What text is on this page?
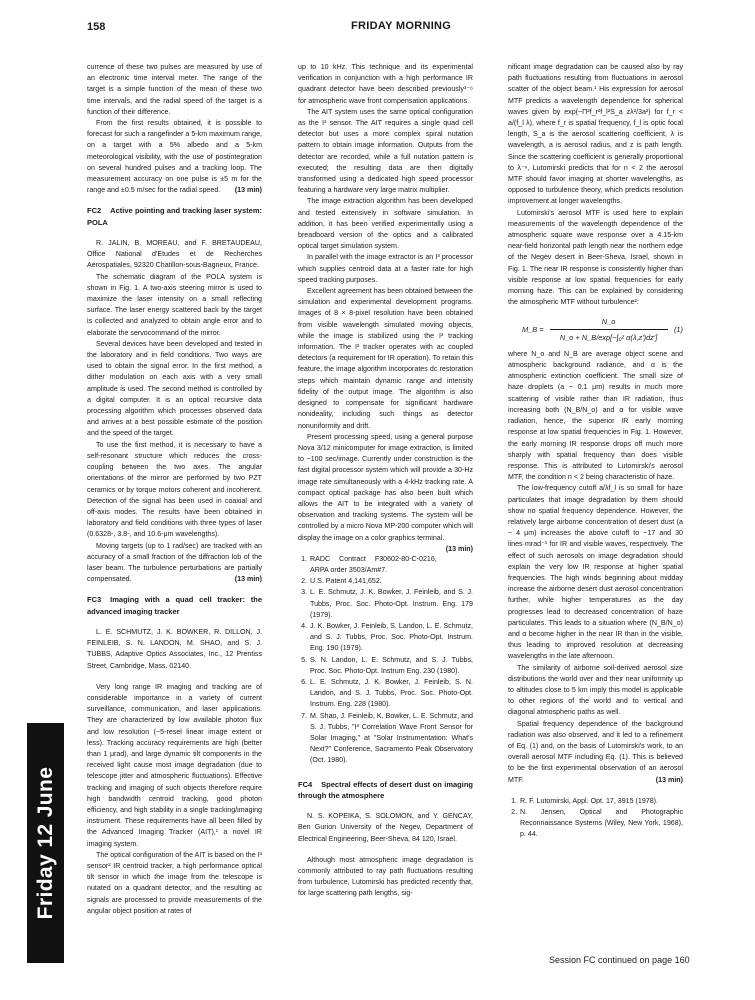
158	FRIDAY MORNING

currence of these two pulses are measured by use of an electronic time interval meter. The range of the target is a simple function of the mean of these two time intervals, and the radial speed of the target is a function of their difference.

From the first results obtained, it is possible to forecast for such a rangefinder a 5-km maximum range, on a target with a 5% albedo and a 5-km meteorological visibility, with the use of postintegration on several hundred pulses and a tracking loop. The measurement accuracy on one pulse is ±5 m for the range and ±0.5 m/sec for the radial speed.	(13 min)

FC2 Active pointing and tracking laser system: POLA

R. JALIN, B. MOREAU, and F. BRETAUDEAU, Office National d'Etudes et de Recherches Aerospatiales, 92320 Chatillon-sous-Bagneux, France.

The schematic diagram of the POLA system is shown in Fig. 1. A two-axis steering mirror is used to maximize the laser intensity on a small reflecting surface. The laser energy scattered back by the target is collected and analyzed to obtain angle error and to elaborate the servocommand of the mirror.

Several devices have been developed and tested in the laboratory and in field conditions. Two ways are used to obtain the signal error. In the first method, a dither modulation on each axis with a very small amplitude is used. The second method is controlled by a digital computer. It is an optical recursive data processing algorithm which processes observed data and arrives at a best possible estimate of the position and the speed of the target.

To use the first method, it is necessary to have a self-resonant structure which reduces the cross-coupling between the two axes. The angular orientations of the mirror are performed by two PZT ceramics or by torque motors coherent and incoherent. Detection of the signal has been used in coaxial and off-axis modes. The results have been obtained in laboratory and field conditions with three types of laser (0.6328-, 3.8-, and 10.6-μm wavelengths).

Moving targets (up to 1 rad/sec) are tracked with an accuracy of a small fraction of the diffraction lob of the laser beam. The turbulence perturbations are partially compensated.	(13 min)

FC3 Imaging with a quad cell tracker: the advanced imaging tracker

L. E. SCHMUTZ, J. K. BOWKER, R. DILLON, J. FEINLEIB, S. N. LANDON, M. SHAO, and S. J. TUBBS, Adaptive Optics Associates, Inc., 12 Prentiss Street, Cambridge, Mass. 02140.

Very long range IR imaging and tracking are of considerable importance in a variety of current surveillance, communication, and laser applications. They are characterized by low available photon flux and low resolution (~5-resel linear image extent or less). Tracking accuracy requirements are high (better than 1 μrad), and large dynamic tilt components in the received light cause most image degradation (due to telescope jitter and atmospheric fluctuations). Effective tracking and imaging of such objects therefore require high bandwidth centroid tracking, good photon efficiency, and high stability in a single tracking/imaging instrument. These requirements have all been filled by the Advanced Imaging Tracker (AIT),¹ a novel IR imaging system.

The optical configuration of the AIT is based on the I³ sensor² IR centroid tracker, a high performance optical tilt sensor in which the image from the telescope is nutated on a quadrant detector, and the resulting ac signals are processed to provide measurements of the angular object position at rates of

up to 10 kHz. This technique and its experimental verification in conjunction with a high performance IR quadrant detector have been described previously³⁻⁶ for atmospheric wave front compensation applications.

The AIT system uses the same optical configuration as the I³ sensor. The AIT requires a single quad cell detector but uses a more complex spiral nutation pattern to obtain image information. Outputs from the detector are recorded, while a full nutation pattern is executed; the resulting data are then digitally transformed using a dedicated high speed processor featuring a hardware very large matrix multiplier.

The image extraction algorithm has been developed and tested extensively in software simulation. In addition, it has been verified experimentally using a breadboard version of the optics and a calibrated optical target simulation system.

In parallel with the image extractor is an I³ processor which supplies centroid data at a faster rate for high speed tracking purposes.

Excellent agreement has been obtained between the simulation and experimental development programs. Images of 8 × 8-pixel resolution have been obtained from visible wavelength simulated moving objects, while the image is stabilized using the I³ tracking information. The I³ tracker operates with ac coupled detectors (a requirement for IR operation). To retain this feature, the image algorithm incorporates dc restoration steps which maintain dynamic range and intensity fidelity of the output image. The algorithm is also designed to compensate for significant hardware nonideality, including such things as detector nonuniformity and drift.

Present processing speed, using a general purpose Nova 3/12 minicomputer for image extraction, is limited to ~100 sec/image. Currently under construction is the fast digital processor system which will provide a 30-Hz image rate simultaneously with a 4-kHz tracking rate. A compact optical package has also been built which allows the AIT to be integrated with a variety of observation and tracking systems. The system will be controlled by a micro Nova MP-200 computer which will display the image on a color graphics terminal.
(13 min)

1. RADC Contract F30602-80-C-0216, ARPA order 3503/Am#7.
2. U.S. Patent 4,141,652.
3. L. E. Schmutz, J. K. Bowker, J. Feinleib, and S. J. Tubbs, Proc. Soc. Photo-Opt. Instrum. Eng. 179 (1979).
4. J. K. Bowker, J. Feinleib, S. Landon, L. E. Schmutz, and S. J. Tubbs, Proc. Soc. Photo-Opt. Instrum. Eng. 190 (1979).
5. S. N. Landon, L. E. Schmutz, and S. J. Tubbs, Proc. Soc. Photo-Opt. Instrum Eng. 230 (1980).
6. L. E. Schmutz, J. K. Bowker, J. Feinleib, S. N. Landon, and S. J. Tubbs, Proc. Soc. Photo-Opt. Instrum. Eng. 228 (1980).
7. M. Shao, J. Feinleib, K. Bowker, L. E. Schmutz, and S. J. Tubbs, "I³ Correlation Wave Front Sensor for Solar Imaging," at "Solar Instrumentation: What's Next?" Conference, Sacramento Peak Observatory (Oct. 1980).
FC4 Spectral effects of desert dust on imaging through the atmosphere

N. S. KOPEIKA, S. SOLOMON, and Y. GENCAY, Ben Gurion University of the Negev, Department of Electrical Engineering, Beer-Sheva, 84 120, Israel.

Although most atmospheric image degradation is commonly attributed to ray path fluctuations resulting from turbulence, Lutomirski has predicted recently that, for large scattering path lengths, sig-

nificant image degradation can be caused also by ray path fluctuations resulting from fluctuations in aerosol scatter of the object beam.¹ His expression for aerosol MTF predicts a wavelength dependence for spherical waves given by exp(−Π²f_r²f_l²S_a zλ²/3a²) for f_r < a/(f_l λ), where f_r is spatial frequency, f_l is optic focal length, S_a is the aerosol scattering coefficient, λ is wavelength, a is aerosol radius, and z is path length. Since the scattering coefficient is generally proportional to λ⁻ⁿ, Lutomirski predicts that for n < 2 the aerosol MTF should favor imaging at shorter wavelengths, as opposed to turbulence theory, which predicts resolution improvement at longer wavelengths.

Lutomirski's aerosol MTF is used here to explain measurements of the wavelength dependence of the atmospheric square wave response over a 4.15-km near-field horizontal path length near the northern edge of the Negev desert in Beer-Sheva, Israel, shown in Fig. 1. The near IR response is consistently higher than visible response at low spatial frequencies for early morning haze. This can be explained by considering the atmospheric MTF without turbulence²:

M_B = $\frac{N\_o}{\text{N\_o + N\_B/exp[−∫₀ᶻ α(λ,z′)dz′]}} (1)$

where N_o and N_B are average object scene and atmospheric background radiance, and α is the atmospheric extinction coefficient. The small size of haze droplets (a ~ 0.1 μm) results in much more scattering of visible rather than IR radiation, thus increasing both (N_B/N_o) and α for visible wave radiation, hence, the superior IR early morning response at low spatial frequencies in Fig. 1. However, the early morning IR response drops off much more sharply with spatial frequency than does visible response. This is attributed to Lutomirski's aerosol MTF, the condition n < 2 being characteristic of haze.

The low-frequency cutoff a/λf_l is so small for haze particulates that image degradation by them should show no spatial frequency dependence. However, the relatively large airborne concentration of desert dust (a ~ 4 μm) increases the above cutoff to ~17 and 30 lines·mrad⁻¹ for IR and visible waves, respectively. The effect of such aerosols on image degradation should explain the very low IR response at higher spatial frequencies. The high winds beginning about midday increase the airborne desert dust aerosol concentration further, while higher temperatures as the day progresses lead to decreased concentration of haze particulates. This leads to a situation where (N_B/N_o) and α become higher in the near IR than in the visible, thus leading to improved resolution at decreasing wavelengths in the late afternoon.

The similarity of airborne soil-derived aerosol size distributions the world over and their near uniformity up to altitudes close to 5 km imply this model is applicable to other regions of the world and to vertical and diagonal atmospheric paths as well.

Spatial frequency dependence of the background radiation was also observed, and it led to a refinement of Eq. (1) and, on the basis of Lutomirski's work, to an overall aerosol MTF including Eq. (1). This is believed to be the first experimental observation of an aerosol MTF.	(13 min)

1. R. F. Lutomirski, Appl. Opt. 17, 3915 (1978).
2. N. Jensen, Optical and Photographic Reconnaissance Systems (Wiley, New York, 1968), p. 44.
Friday 12 June
Session FC continued on page 160
